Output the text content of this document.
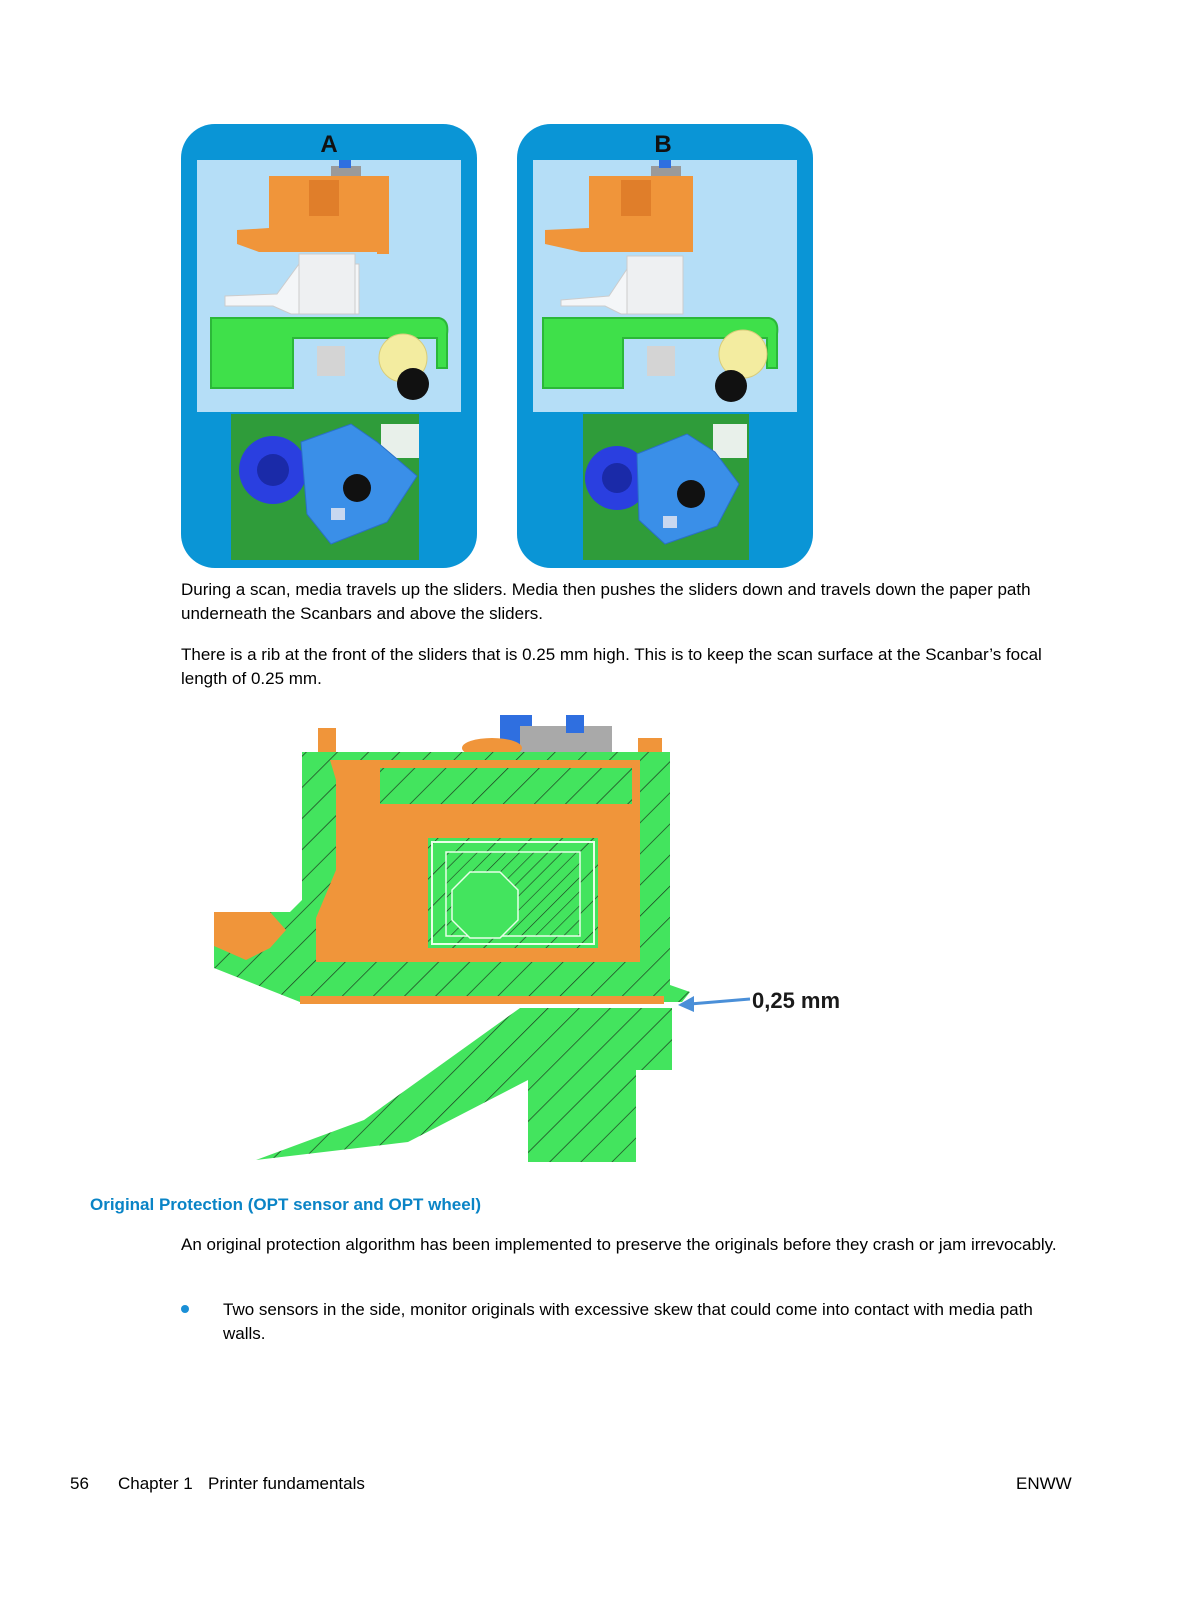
A	B

During a scan, media travels up the sliders. Media then pushes the sliders down and travels down the paper path underneath the Scanbars and above the sliders.

There is a rib at the front of the sliders that is 0.25 mm high. This is to keep the scan surface at the Scanbar’s focal length of 0.25 mm.

0,25 mm
Original Protection (OPT sensor and OPT wheel)

An original protection algorithm has been implemented to preserve the originals before they crash or jam irrevocably.

Two sensors in the side, monitor originals with excessive skew that could come into contact with media path walls.

56 Chapter 1 Printer fundamentals	ENWW
